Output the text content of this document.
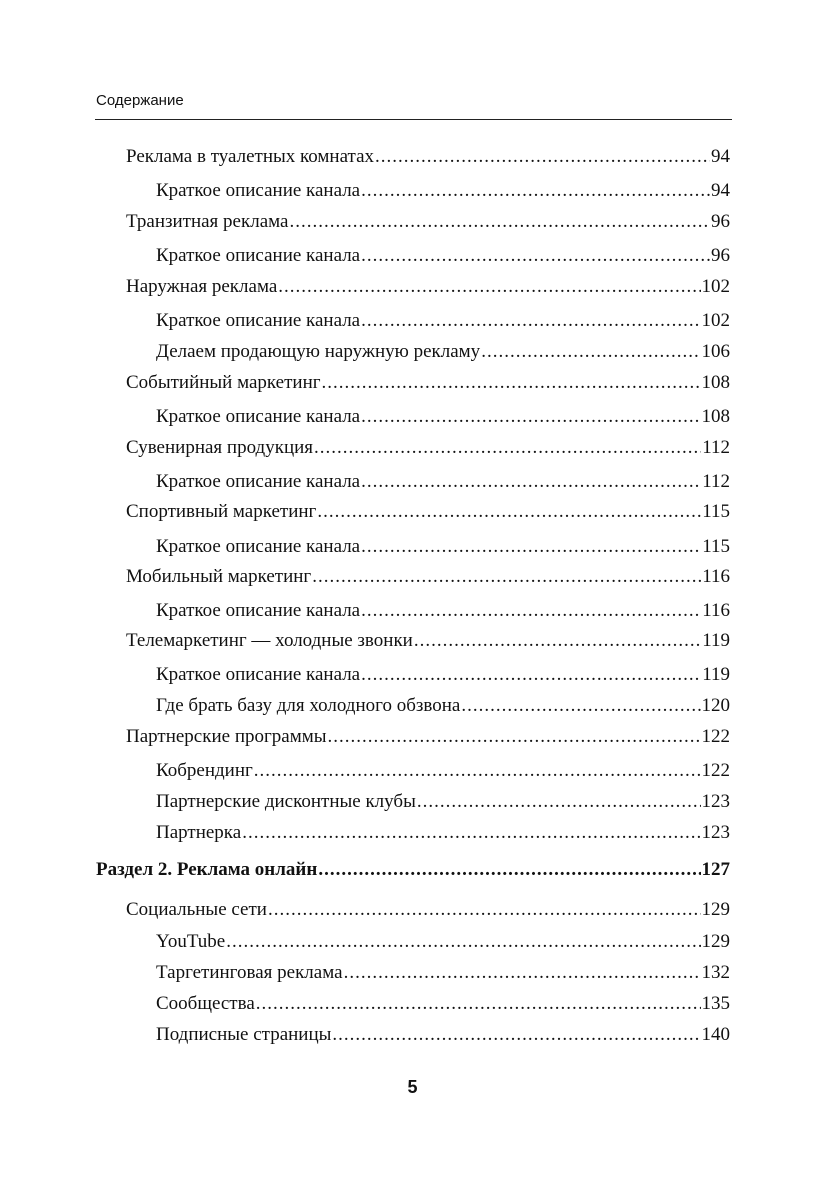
Содержание
Реклама в туалетных комнатах .....	94
Краткое описание канала .....	94
Транзитная реклама .....	96
Краткое описание канала .....	96
Наружная реклама .....	102
Краткое описание канала .....	102
Делаем продающую наружную рекламу .....	106
Событийный маркетинг .....	108
Краткое описание канала .....	108
Сувенирная продукция .....	112
Краткое описание канала .....	112
Спортивный маркетинг .....	115
Краткое описание канала .....	115
Мобильный маркетинг .....	116
Краткое описание канала .....	116
Телемаркетинг — холодные звонки .....	119
Краткое описание канала .....	119
Где брать базу для холодного обзвона .....	120
Партнерские программы .....	122
Кобрендинг .....	122
Партнерские дисконтные клубы .....	123
Партнерка .....	123
Раздел 2. Реклама онлайн .....	127
Социальные сети .....	129
YouTube .....	129
Таргетинговая реклама .....	132
Сообщества .....	135
Подписные страницы .....	140
5
